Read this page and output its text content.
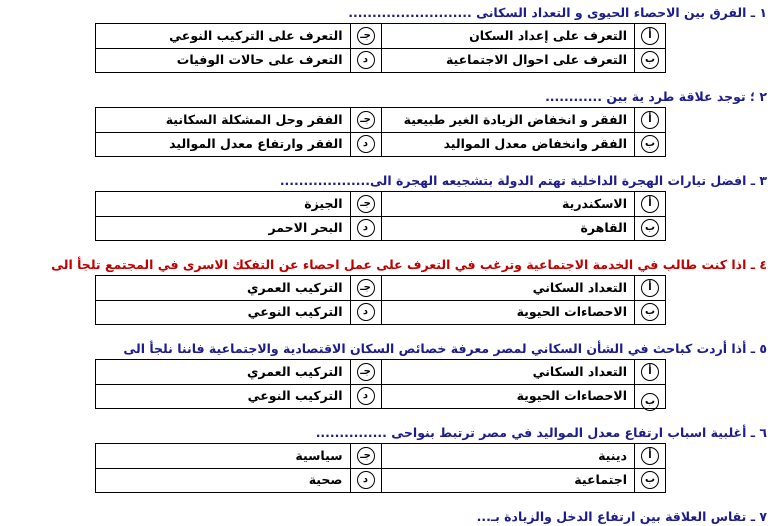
١ ـ الفرق بين الاحصاء الحيوى و التعداد السكانى ..........................
أ
التعرف على إعداد السكان
جـ
التعرف على التركيب النوعي
ب
التعرف على احوال الاجتماعية
د
التعرف على حالات الوفيات
٢ ؛ توجد علاقة طرد ية بين ............
أ
الفقر و انخفاض الزيادة الغير طبيعية
جـ
الفقر وحل المشكلة السكانية
ب
الفقر وانخفاض معدل المواليد
د
الفقر وارتفاع معدل المواليد
٣ ـ افضل تيارات الهجرة الداخلية تهتم الدولة بتشجيعه الهجرة الى...................
أ
الاسكندرية
جـ
الجيزة
ب
القاهرة
د
البحر الاحمر
٤ ـ اذا كنت طالب في الخدمة الاجتماعية وترغب في التعرف على عمل احصاء عن التفكك الاسرى في المجتمع تلجأ الى
أ
التعداد السكاني
جـ
التركيب العمري
ب
الاحصاءات الحيوية
د
التركيب النوعي
٥ ـ أذا أردت كباحث في الشأن السكاني لمصر معرفة خصائص السكان الاقتصادية والاجتماعية فاننا نلجأ الى
أ
التعداد السكاني
جـ
التركيب العمري
ب
الاحصاءات الحيوية
د
التركيب النوعي
٦ ـ أغلبية اسباب ارتفاع معدل المواليد في مصر ترتبط بنواحى ...............
أ
دينية
جـ
سياسية
ب
اجتماعية
د
صحية
٧ ـ تقاس العلاقة بين ارتفاع الدخل والزيادة بـ...
